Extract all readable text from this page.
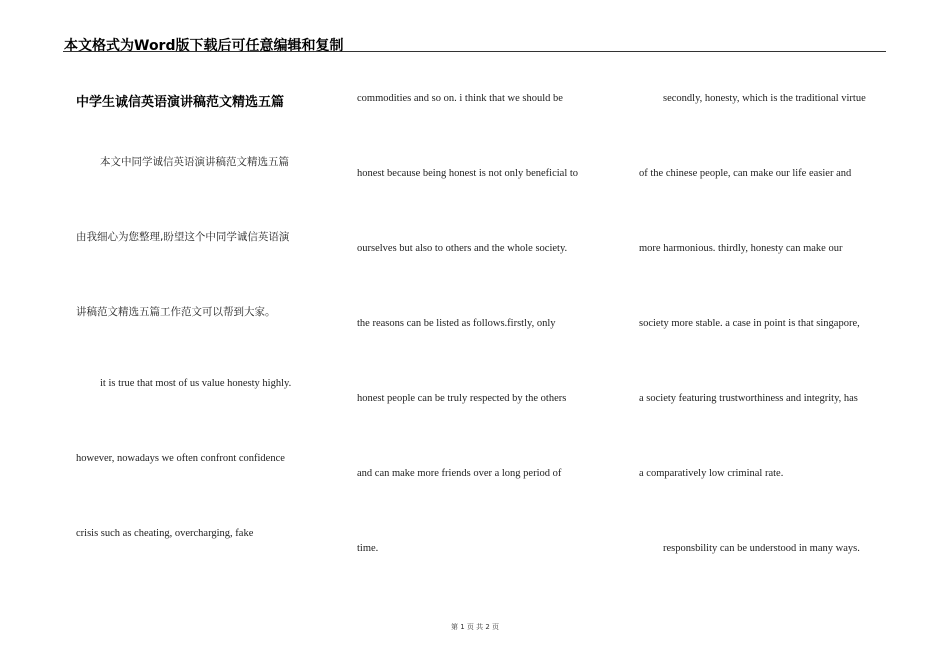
本文格式为Word版下载后可任意编辑和复制
中学生诚信英语演讲稿范文精选五篇
本文中同学诚信英语演讲稿范文精选五篇
由我细心为您整理,盼望这个中同学诚信英语演
讲稿范文精选五篇工作范文可以帮到大家。
it is true that most of us value honesty highly.
however, nowadays we often confront confidence
crisis such as cheating, overcharging, fake
commodities and so on. i think that we should be
honest because being honest is not only beneficial to
ourselves but also to others and the whole society.
the reasons can be listed as follows.firstly, only
honest people can be truly respected by the others
and can make more friends over a long period of
time.
secondly, honesty, which is the traditional virtue
of the chinese people, can make our life easier and
more harmonious. thirdly, honesty can make our
society more stable. a case in point is that singapore,
a society featuring trustworthiness and integrity, has
a comparatively low criminal rate.
responsbility can be understood in many ways.
第 1 页 共 2 页
